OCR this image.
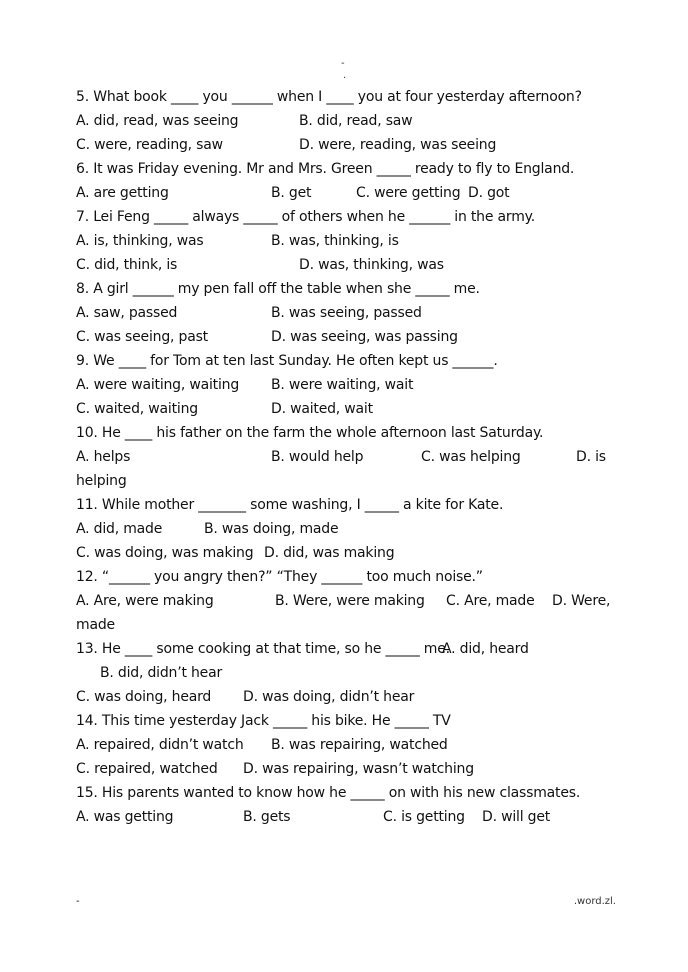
-
.
5. What book ____ you ______ when I ____ you at four yesterday afternoon?
A. did, read, was seeing	B. did, read, saw
C. were, reading, saw	D. were, reading, was seeing
6. It was Friday evening. Mr and Mrs. Green _____ ready to fly to England.
A. are getting	B. get	C. were getting D. got
7. Lei Feng _____ always _____ of others when he ______ in the army.
A. is, thinking, was	B. was, thinking, is
C. did, think, is	D. was, thinking, was
8. A girl ______ my pen fall off the table when she _____ me.
A. saw, passed	B. was seeing, passed
C. was seeing, past	D. was seeing, was passing
9. We ____ for Tom at ten last Sunday. He often kept us ______.
A. were waiting, waiting B. were waiting, wait
C. waited, waiting	D. waited, wait
10. He ____ his father on the farm the whole afternoon last Saturday.
A. helps	B. would help	C. was helping	D. is
helping
11. While mother _______ some washing, I _____ a kite for Kate.
A. did, made	B. was doing, made
C. was doing, was making D. did, was making
12. “______ you angry then?” “They ______ too much noise.”
A. Are, were making	B. Were, were making C. Are, made D. Were,
made
13. He ____ some cooking at that time, so he _____ me.
A. did, heard
B. did, didn’t hear
C. was doing, heard D. was doing, didn’t hear
14. This time yesterday Jack _____ his bike. He _____ TV
A. repaired, didn’t watch B. was repairing, watched
C. repaired, watched D. was repairing, wasn’t watching
15. His parents wanted to know how he _____ on with his new classmates.
A. was getting	B. gets	C. is getting D. will get
-	.word.zl.
